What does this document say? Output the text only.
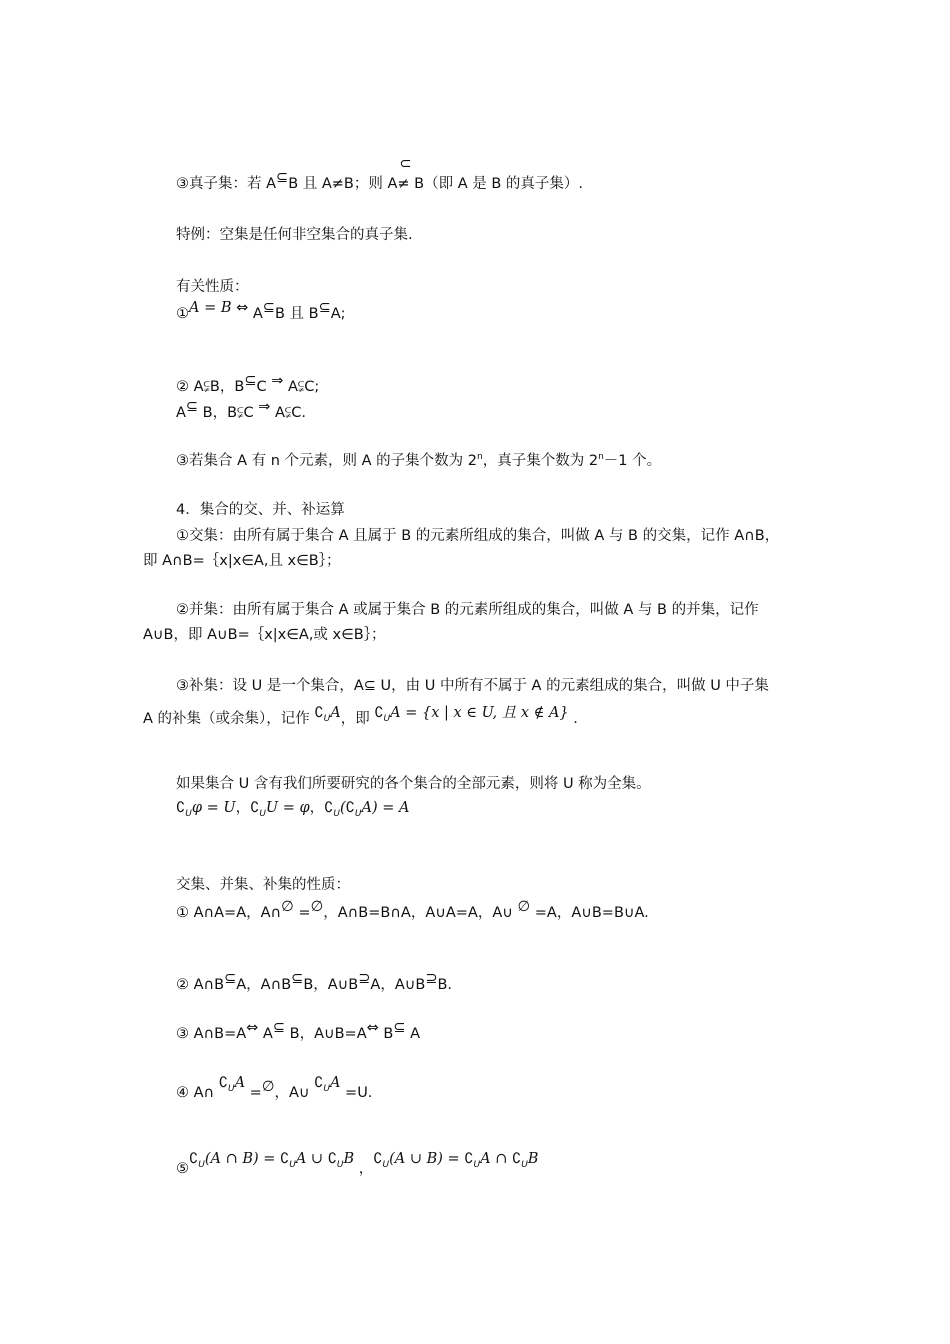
③真子集：若 A⊆B 且 A≠B；则 A
⊂
≠ B（即 A 是 B 的真子集）.
特例：空集是任何非空集合的真子集.
有关性质：
①A = B ⇔ A⊆B 且 B⊆A;
② A⫋B，B⊆C ⇒ A⫋C;
A⊆ B，B⫋C ⇒ A⫋C.
③若集合 A 有 n 个元素，则 A 的子集个数为 2$^n$，真子集个数为 $2^n-1$ 个。
4．集合的交、并、补运算
①交集：由所有属于集合 A 且属于 B 的元素所组成的集合，叫做 A 与 B 的交集，记作 A∩B，
即 A∩B=｛x|x∈A,且 x∈B｝；
②并集：由所有属于集合 A 或属于集合 B 的元素所组成的集合，叫做 A 与 B 的并集，记作
A∪B，即 A∪B=｛x|x∈A,或 x∈B｝；
③补集：设 U 是一个集合，A⊆ U，由 U 中所有不属于 A 的元素组成的集合，叫做 U 中子集
A 的补集（或余集），记作 $∁_UA$，即 $∁_UA = \{x$ | x ∈ U, 且 x ∉ A} .
如果集合 U 含有我们所要研究的各个集合的全部元素，则将 U 称为全集。
$∁_U\varphi = U$，$∁_UU = \varphi$，$∁_U(∁_UA) = A$
交集、并集、补集的性质：
① A∩A=A，A∩∅ =∅，A∩B=B∩A，A∪A=A，A∪ ∅ =A，A∪B=B∪A.
② A∩B⊆A，A∩B⊆B，A∪B⊇A，A∪B⊇B.
③ A∩B=A⇔ A⊆ B，A∪B=A⇔ B⊆ A
④ A∩ $∁_UA$ =∅，A∪ $∁_UA =U$.
$⑤∁_U(A$ ∩ $B) = ∁_UA$ ∪ $∁_UB$ ，$∁_U(A$ ∪ $B) = ∁_UA$ ∩ $∁_UB$
